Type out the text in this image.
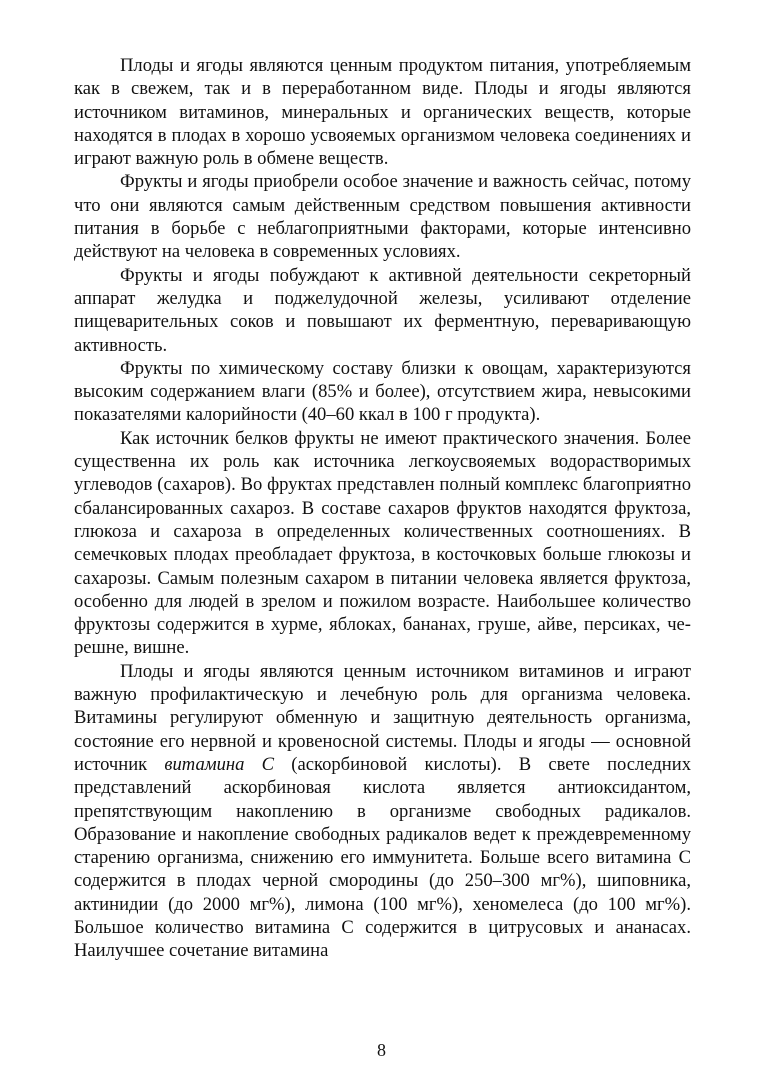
Плоды и ягоды являются ценным продуктом питания, употребляемым как в свежем, так и в переработанном виде. Плоды и ягоды являются источником витаминов, минеральных и органических веществ, которые находятся в плодах в хорошо усвояемых организмом человека соединениях и играют важную роль в обмене веществ.

Фрукты и ягоды приобрели особое значение и важность сейчас, потому что они являются самым действенным средством повышения активности питания в борьбе с неблагоприятными факторами, которые интенсивно действуют на человека в современных условиях.

Фрукты и ягоды побуждают к активной деятельности секреторный аппарат желудка и поджелудочной железы, усиливают отделение пищеварительных соков и повышают их ферментную, переваривающую активность.

Фрукты по химическому составу близки к овощам, характеризуются высоким содержанием влаги (85% и более), отсутствием жира, невысокими показателями калорийности (40–60 ккал в 100 г продукта).

Как источник белков фрукты не имеют практического значения. Более существенна их роль как источника легкоусвояемых водорастворимых углеводов (сахаров). Во фруктах представлен полный комплекс благоприятно сбалансированных сахароз. В составе сахаров фруктов находятся фруктоза, глюкоза и сахароза в определенных количественных соотношениях. В семечковых плодах преобладает фруктоза, в косточковых больше глюкозы и сахарозы. Самым полезным сахаром в питании человека является фруктоза, особенно для людей в зрелом и пожилом возрасте. Наибольшее количество фруктозы содержится в хурме, яблоках, бананах, груше, айве, персиках, черешне, вишне.

Плоды и ягоды являются ценным источником витаминов и играют важную профилактическую и лечебную роль для организма человека. Витамины регулируют обменную и защитную деятельность организма, состояние его нервной и кровеносной системы. Плоды и ягоды — основной источник витамина С (аскорбиновой кислоты). В свете последних представлений аскорбиновая кислота является антиоксидантом, препятствующим накоплению в организме свободных радикалов. Образование и накопление свободных радикалов ведет к преждевременному старению организма, снижению его иммунитета. Больше всего витамина С содержится в плодах черной смородины (до 250–300 мг%), шиповника, актинидии (до 2000 мг%), лимона (100 мг%), хеномелеса (до 100 мг%). Большое количество витамина С содержится в цитрусовых и ананасах. Наилучшее сочетание витамина

8
